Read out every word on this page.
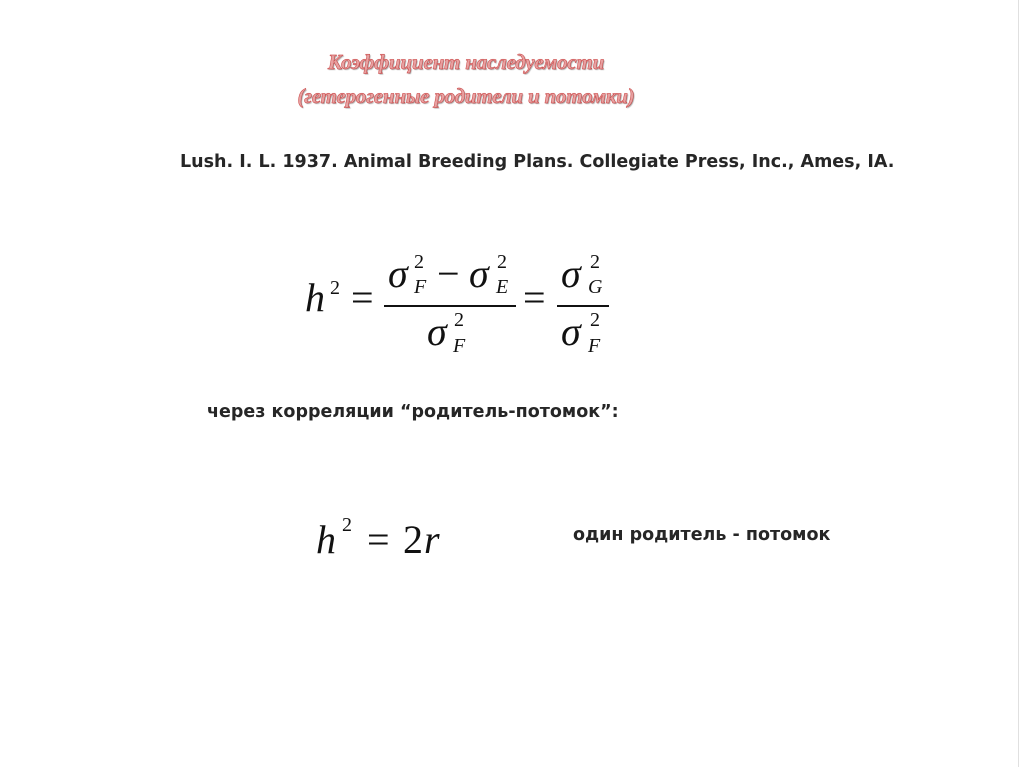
Коэффициент наследуемости
(гетерогенные родители и потомки)
Lush. I. L. 1937. Animal Breeding Plans. Collegiate Press, Inc., Ames, IA.
h 2 =
σ 2
F − σ 2
E
σ 2
F
=
σ 2
G
σ 2
F
через корреляции “родитель-потомок”:
h 2 = 2 r	один родитель - потомок
